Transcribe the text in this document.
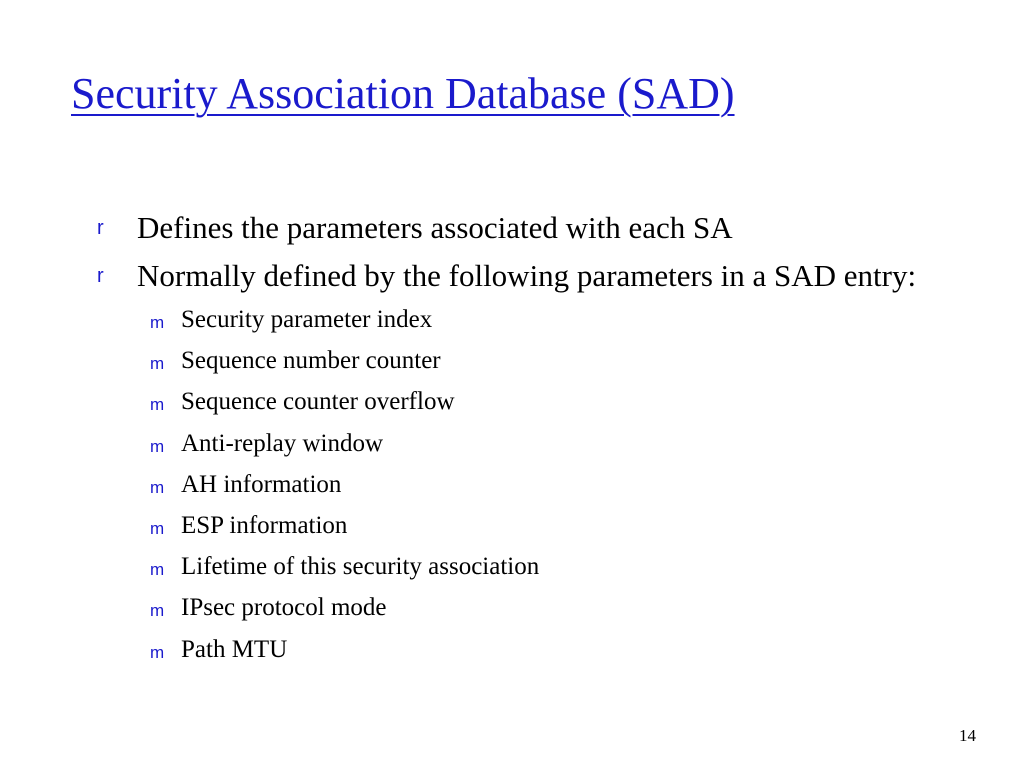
Security Association Database (SAD)
r Defines the parameters associated with each SA
r Normally defined by the following parameters in a SAD entry:
m Security parameter index
m Sequence number counter
m Sequence counter overflow
m Anti-replay window
m AH information
m ESP information
m Lifetime of this security association
m IPsec protocol mode
m Path MTU
14
